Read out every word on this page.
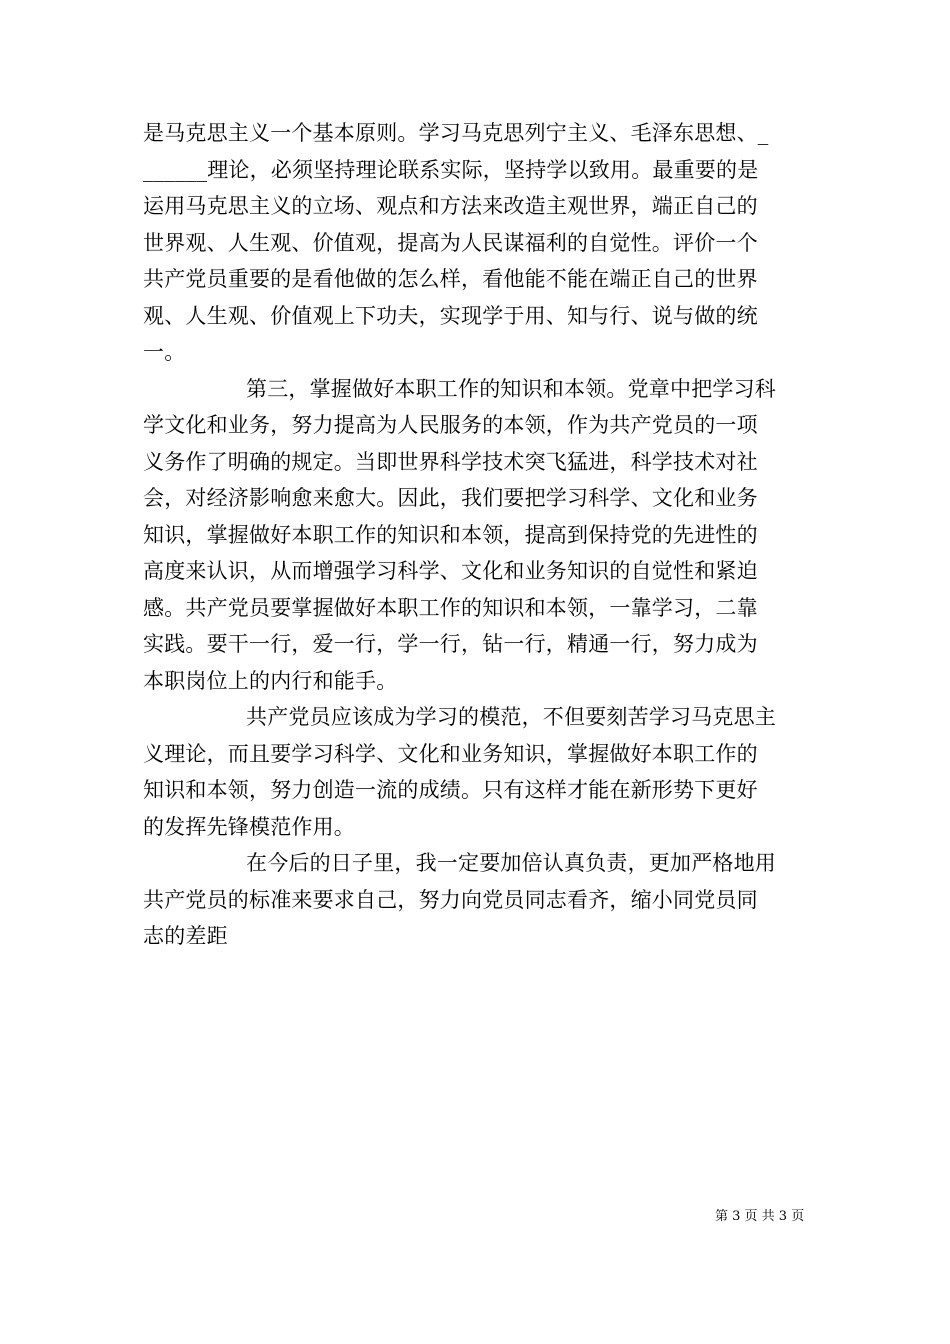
是马克思主义一个基本原则。学习马克思列宁主义、毛泽东思想、_
______理论，必须坚持理论联系实际，坚持学以致用。最重要的是
运用马克思主义的立场、观点和方法来改造主观世界，端正自己的
世界观、人生观、价值观，提高为人民谋福利的自觉性。评价一个
共产党员重要的是看他做的怎么样，看他能不能在端正自己的世界
观、人生观、价值观上下功夫，实现学于用、知与行、说与做的统
一。
第三，掌握做好本职工作的知识和本领。党章中把学习科
学文化和业务，努力提高为人民服务的本领，作为共产党员的一项
义务作了明确的规定。当即世界科学技术突飞猛进，科学技术对社
会，对经济影响愈来愈大。因此，我们要把学习科学、文化和业务
知识，掌握做好本职工作的知识和本领，提高到保持党的先进性的
高度来认识，从而增强学习科学、文化和业务知识的自觉性和紧迫
感。共产党员要掌握做好本职工作的知识和本领，一靠学习，二靠
实践。要干一行，爱一行，学一行，钻一行，精通一行，努力成为
本职岗位上的内行和能手。
共产党员应该成为学习的模范，不但要刻苦学习马克思主
义理论，而且要学习科学、文化和业务知识，掌握做好本职工作的
知识和本领，努力创造一流的成绩。只有这样才能在新形势下更好
的发挥先锋模范作用。
在今后的日子里，我一定要加倍认真负责，更加严格地用
共产党员的标准来要求自己，努力向党员同志看齐，缩小同党员同
志的差距
第 3 页 共 3 页
